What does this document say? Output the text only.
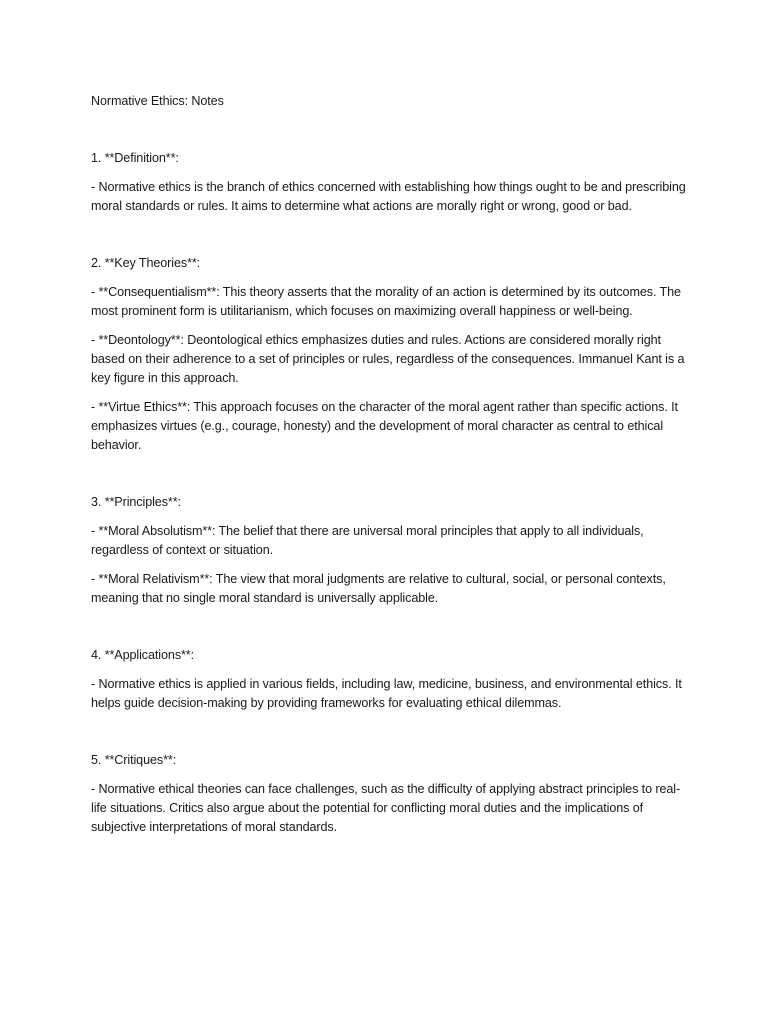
Normative Ethics: Notes
1. **Definition**:
- Normative ethics is the branch of ethics concerned with establishing how things ought to be and prescribing moral standards or rules. It aims to determine what actions are morally right or wrong, good or bad.
2. **Key Theories**:
- **Consequentialism**: This theory asserts that the morality of an action is determined by its outcomes. The most prominent form is utilitarianism, which focuses on maximizing overall happiness or well-being.
- **Deontology**: Deontological ethics emphasizes duties and rules. Actions are considered morally right based on their adherence to a set of principles or rules, regardless of the consequences. Immanuel Kant is a key figure in this approach.
- **Virtue Ethics**: This approach focuses on the character of the moral agent rather than specific actions. It emphasizes virtues (e.g., courage, honesty) and the development of moral character as central to ethical behavior.
3. **Principles**:
- **Moral Absolutism**: The belief that there are universal moral principles that apply to all individuals, regardless of context or situation.
- **Moral Relativism**: The view that moral judgments are relative to cultural, social, or personal contexts, meaning that no single moral standard is universally applicable.
4. **Applications**:
- Normative ethics is applied in various fields, including law, medicine, business, and environmental ethics. It helps guide decision-making by providing frameworks for evaluating ethical dilemmas.
5. **Critiques**:
- Normative ethical theories can face challenges, such as the difficulty of applying abstract principles to real-life situations. Critics also argue about the potential for conflicting moral duties and the implications of subjective interpretations of moral standards.
